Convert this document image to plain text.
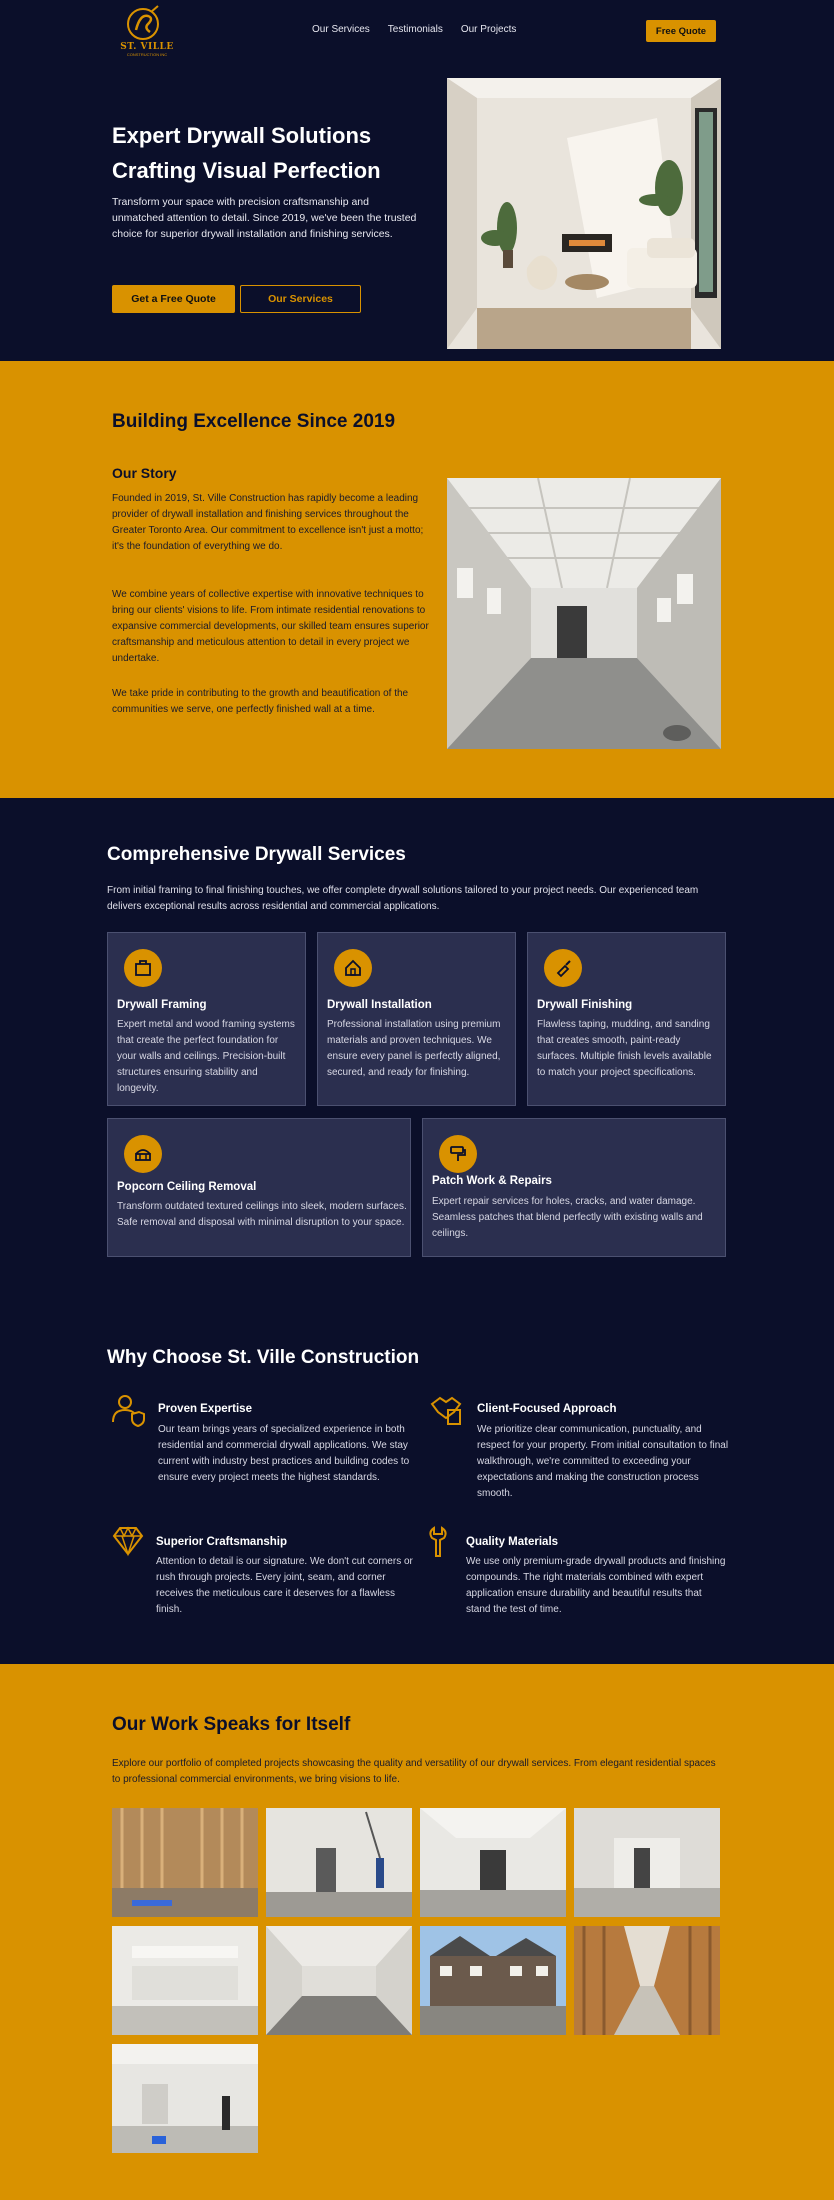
ST. VILLE
CONSTRUCTION INC
Our Services Testimonials Our Projects	Free Quote
Expert Drywall Solutions
Crafting Visual Perfection
Transform your space with precision craftsmanship and unmatched attention to detail. Since 2019, we've been the trusted choice for superior drywall installation and finishing services.
Get a Free Quote	Our Services
Building Excellence Since 2019
Our Story
Founded in 2019, St. Ville Construction has rapidly become a leading provider of drywall installation and finishing services throughout the Greater Toronto Area. Our commitment to excellence isn't just a motto; it's the foundation of everything we do.
We combine years of collective expertise with innovative techniques to bring our clients' visions to life. From intimate residential renovations to expansive commercial developments, our skilled team ensures superior craftsmanship and meticulous attention to detail in every project we undertake.
We take pride in contributing to the growth and beautification of the communities we serve, one perfectly finished wall at a time.
Comprehensive Drywall Services
From initial framing to final finishing touches, we offer complete drywall solutions tailored to your project needs. Our experienced team delivers exceptional results across residential and commercial applications.
Drywall Framing
Expert metal and wood framing systems that create the perfect foundation for your walls and ceilings. Precision-built structures ensuring stability and longevity.
Drywall Installation
Professional installation using premium materials and proven techniques. We ensure every panel is perfectly aligned, secured, and ready for finishing.
Drywall Finishing
Flawless taping, mudding, and sanding that creates smooth, paint-ready surfaces. Multiple finish levels available to match your project specifications.
Popcorn Ceiling Removal
Transform outdated textured ceilings into sleek, modern surfaces. Safe removal and disposal with minimal disruption to your space.
Patch Work & Repairs
Expert repair services for holes, cracks, and water damage. Seamless patches that blend perfectly with existing walls and ceilings.
Why Choose St. Ville Construction
Proven Expertise
Our team brings years of specialized experience in both residential and commercial drywall applications. We stay current with industry best practices and building codes to ensure every project meets the highest standards.
Client-Focused Approach
We prioritize clear communication, punctuality, and respect for your property. From initial consultation to final walkthrough, we're committed to exceeding your expectations and making the construction process smooth.
Superior Craftsmanship
Attention to detail is our signature. We don't cut corners or rush through projects. Every joint, seam, and corner receives the meticulous care it deserves for a flawless finish.
Quality Materials
We use only premium-grade drywall products and finishing compounds. The right materials combined with expert application ensure durability and beautiful results that stand the test of time.
Our Work Speaks for Itself
Explore our portfolio of completed projects showcasing the quality and versatility of our drywall services. From elegant residential spaces to professional commercial environments, we bring visions to life.
